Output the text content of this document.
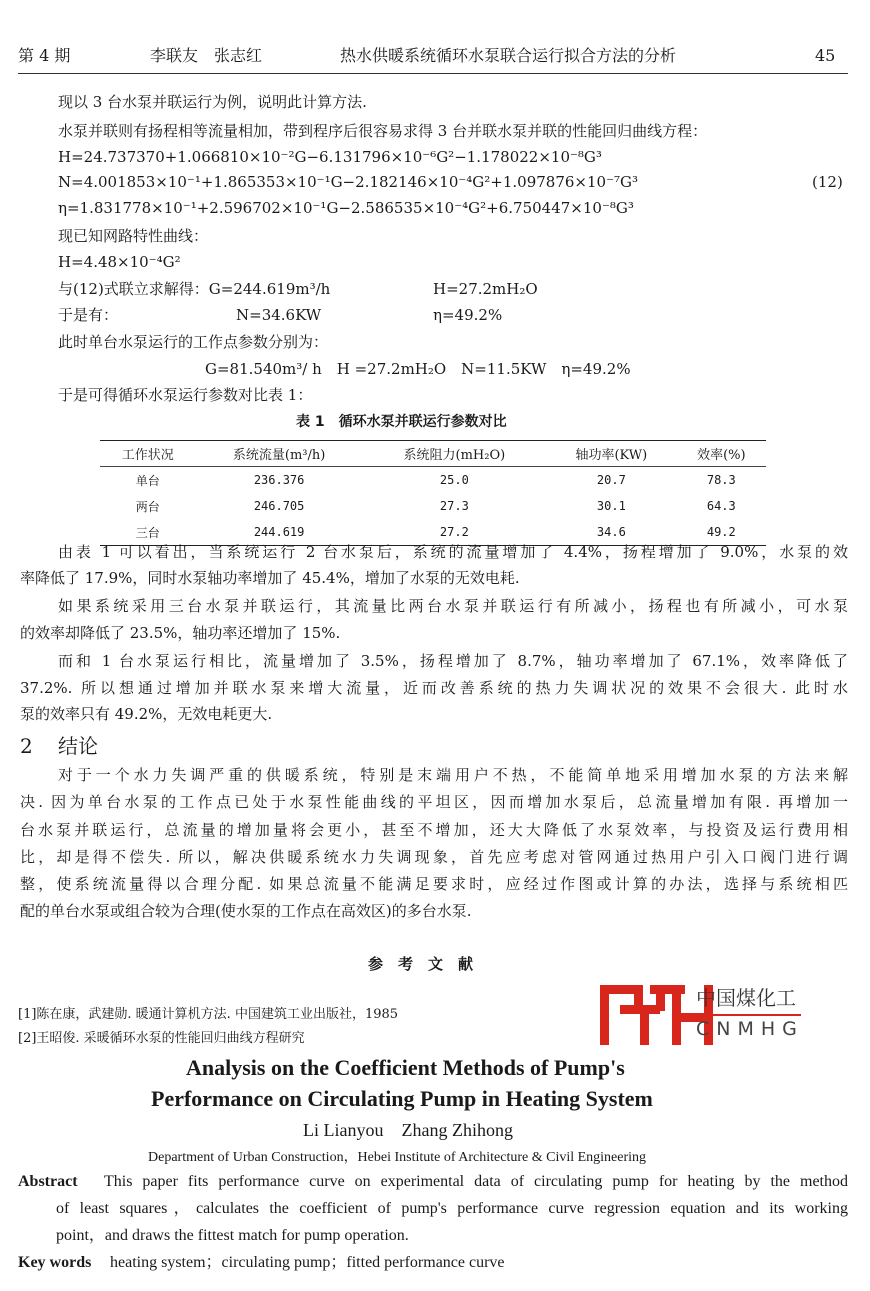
第 4 期	李联友　张志红	热水供暖系统循环水泵联合运行拟合方法的分析	45
现以 3 台水泵并联运行为例，说明此计算方法.
水泵并联则有扬程相等流量相加，带到程序后很容易求得 3 台并联水泵并联的性能回归曲线方程：
H=24.737370+1.066810×10⁻²G−6.131796×10⁻⁶G²−1.178022×10⁻⁸G³
N=4.001853×10⁻¹+1.865353×10⁻¹G−2.182146×10⁻⁴G²+1.097876×10⁻⁷G³	(12)
η=1.831778×10⁻¹+2.596702×10⁻¹G−2.586535×10⁻⁴G²+6.750447×10⁻⁸G³
现已知网路特性曲线：
H=4.48×10⁻⁴G²
与(12)式联立求解得：G=244.619m³/h	H=27.2mH₂O
于是有：	N=34.6KW	η=49.2%
此时单台水泵运行的工作点参数分别为：
G=81.540m³/ h　H =27.2mH₂O　N=11.5KW　η=49.2%
于是可得循环水泵运行参数对比表 1：
表 1　循环水泵并联运行参数对比
工作状况	系统流量(m³/h)	系统阻力(mH₂O)	轴功率(KW)	效率(%)
单台	236.376	25.0	20.7	78.3
两台	246.705	27.3	30.1	64.3
三台	244.619	27.2	34.6	49.2
由表 1 可以看出，当系统运行 2 台水泵后，系统的流量增加了 4.4%，扬程增加了 9.0%，水泵的效
率降低了 17.9%，同时水泵轴功率增加了 45.4%，增加了水泵的无效电耗.
如果系统采用三台水泵并联运行，其流量比两台水泵并联运行有所减小，扬程也有所减小，可水泵
的效率却降低了 23.5%，轴功率还增加了 15%.
而和 1 台水泵运行相比，流量增加了 3.5%，扬程增加了 8.7%，轴功率增加了 67.1%，效率降低了
37.2%. 所以想通过增加并联水泵来增大流量，近而改善系统的热力失调状况的效果不会很大. 此时水
泵的效率只有 49.2%，无效电耗更大.
2 结论
对于一个水力失调严重的供暖系统，特别是末端用户不热，不能简单地采用增加水泵的方法来解
决. 因为单台水泵的工作点已处于水泵性能曲线的平坦区，因而增加水泵后，总流量增加有限. 再增加一
台水泵并联运行，总流量的增加量将会更小，甚至不增加，还大大降低了水泵效率，与投资及运行费用相
比，却是得不偿失. 所以，解决供暖系统水力失调现象，首先应考虑对管网通过热用户引入口阀门进行调
整，使系统流量得以合理分配. 如果总流量不能满足要求时，应经过作图或计算的办法，选择与系统相匹
配的单台水泵或组合较为合理(使水泵的工作点在高效区)的多台水泵.
参　考　文　献
[1]陈在康，武建勋. 暖通计算机方法. 中国建筑工业出版社，1985
[2]王昭俊. 采暖循环水泵的性能回归曲线方程研究
中国煤化工
CNMHG
Analysis on the Coefficient Methods of Pump's
Performance on Circulating Pump in Heating System
Li Lianyou　Zhang Zhihong
Department of Urban Construction，Hebei Institute of Architecture & Civil Engineering
Abstract This paper fits performance curve on experimental data of circulating pump for heating by the method
of least squares，calculates the coefficient of pump's performance curve regression equation and its working
point，and draws the fittest match for pump operation.
Key words heating system；circulating pump；fitted performance curve
